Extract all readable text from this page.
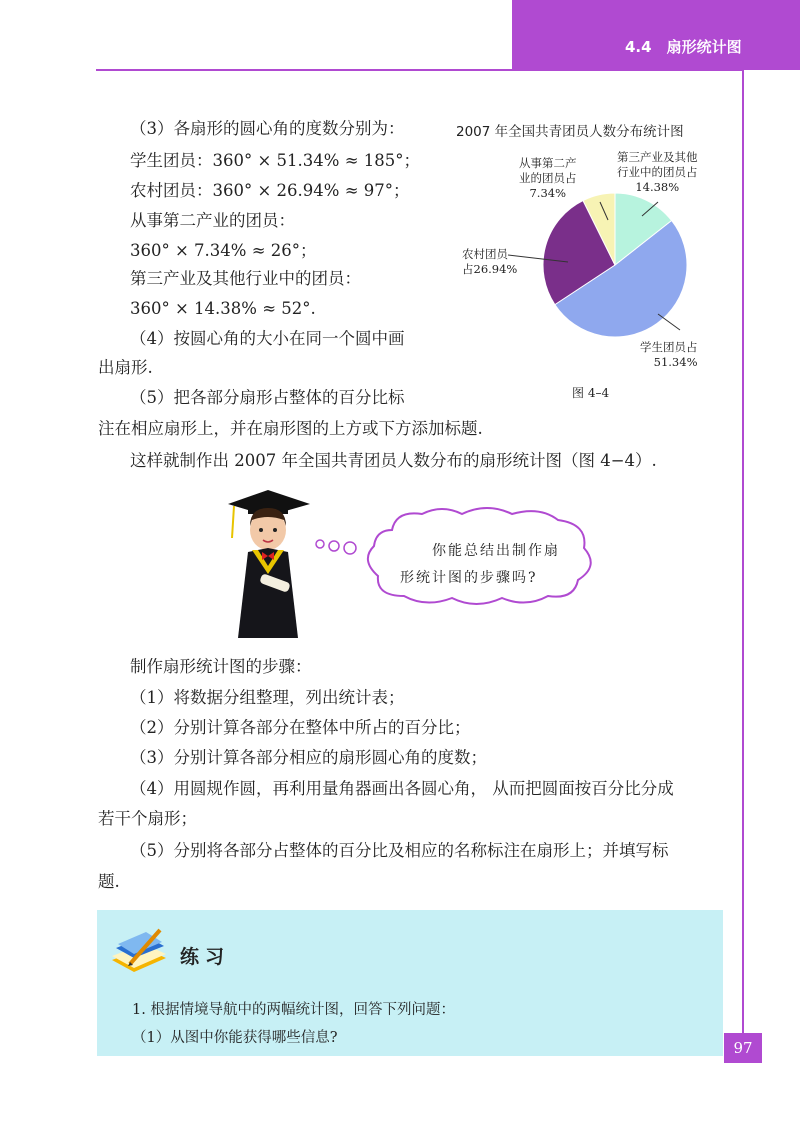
4.4　扇形统计图
（3）各扇形的圆心角的度数分别为：
学生团员：360° × 51.34% ≈ 185°；
农村团员：360° × 26.94% ≈ 97°；
从事第二产业的团员：
360° × 7.34% ≈ 26°；
第三产业及其他行业中的团员：
360° × 14.38% ≈ 52°.
（4）按圆心角的大小在同一个圆中画
出扇形.
（5）把各部分扇形占整体的百分比标
注在相应扇形上，并在扇形图的上方或下方添加标题.
这样就制作出 2007 年全国共青团员人数分布的扇形统计图（图 4−4）.
2007 年全国共青团员人数分布统计图
从事第二产
业的团员占
7.34%
第三产业及其他
行业中的团员占
14.38%
农村团员
占26.94%
学生团员占
51.34%
图 4–4
你能总结出制作扇
形统计图的步骤吗?
制作扇形统计图的步骤：
（1）将数据分组整理，列出统计表；
（2）分别计算各部分在整体中所占的百分比；
（3）分别计算各部分相应的扇形圆心角的度数；
（4）用圆规作圆，再利用量角器画出各圆心角， 从而把圆面按百分比分成
若干个扇形；
（5）分别将各部分占整体的百分比及相应的名称标注在扇形上；并填写标
题.
练习
1. 根据情境导航中的两幅统计图，回答下列问题：
（1）从图中你能获得哪些信息?
97
